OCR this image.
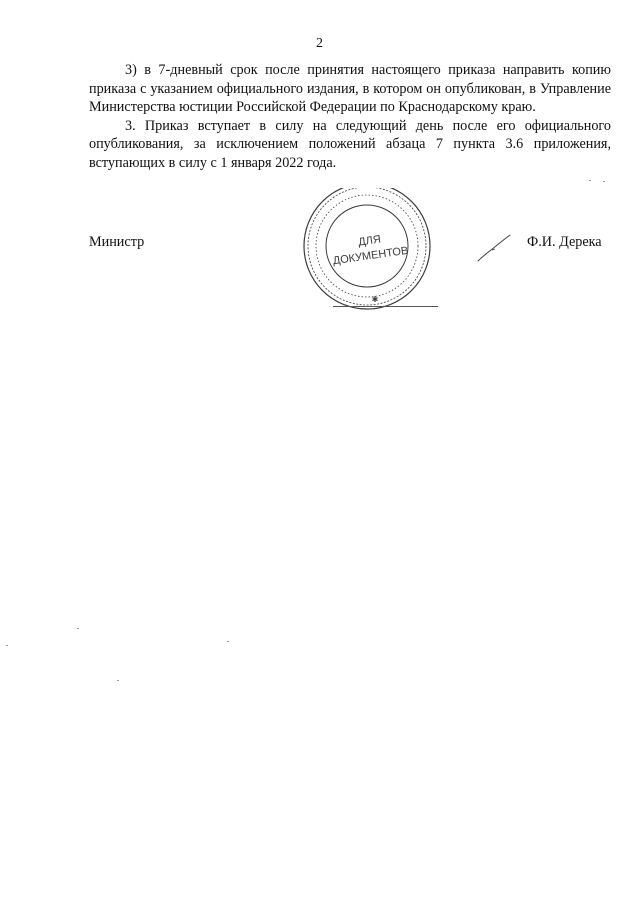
2

3) в 7-дневный срок после принятия настоящего приказа направить копию приказа с указанием официального издания, в котором он опубликован, в Управление Министерства юстиции Российской Федерации по Краснодарскому краю.

3. Приказ вступает в силу на следующий день после его официального опубликования, за исключением положений абзаца 7 пункта 3.6 приложения, вступающих в силу с 1 января 2022 года.

Министр	ДЛЯ
ДОКУМЕНТОВ
✱
Ф.И. Дерека
